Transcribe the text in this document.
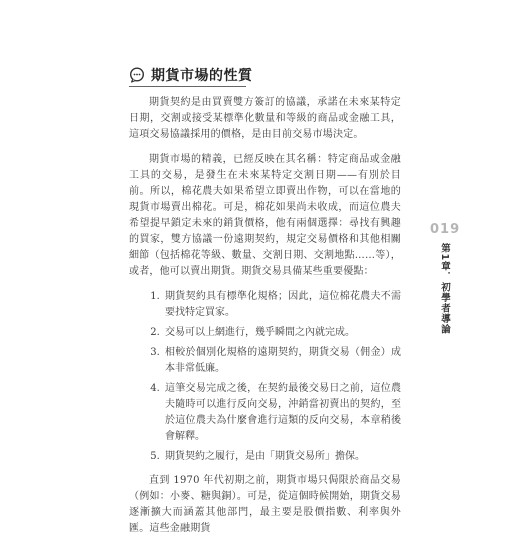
期貨市場的性質

期貨契約是由買賣雙方簽訂的協議，承諾在未來某特定日期，交割或接受某標準化數量和等級的商品或金融工具，這項交易協議採用的價格，是由目前交易市場決定。

期貨市場的精義，已經反映在其名稱：特定商品或金融工具的交易，是發生在未來某特定交割日期——有別於目前。所以，棉花農夫如果希望立即賣出作物，可以在當地的現貨市場賣出棉花。可是，棉花如果尚未收成，而這位農夫希望提早鎖定未來的銷貨價格，他有兩個選擇：尋找有興趣的買家，雙方協議一份遠期契約，規定交易價格和其他相關細節（包括棉花等級、數量、交割日期、交割地點……等），或者，他可以賣出期貨。期貨交易具備某些重要優點：

1. 期貨契約具有標準化規格；因此，這位棉花農夫不需要找特定買家。
2. 交易可以上網進行，幾乎瞬間之內就完成。
3. 相較於個別化規格的遠期契約，期貨交易（佣金）成本非常低廉。
4. 這筆交易完成之後，在契約最後交易日之前，這位農夫隨時可以進行反向交易，沖銷當初賣出的契約，至於這位農夫為什麼會進行這類的反向交易，本章稍後會解釋。
5. 期貨契約之履行，是由「期貨交易所」擔保。

直到 1970 年代初期之前，期貨市場只侷限於商品交易（例如：小麥、糖與銅）。可是，從這個時候開始，期貨交易逐漸擴大而涵蓋其他部門，最主要是股價指數、利率與外匯。這些金融期貨

019
第1章．初學者導論
